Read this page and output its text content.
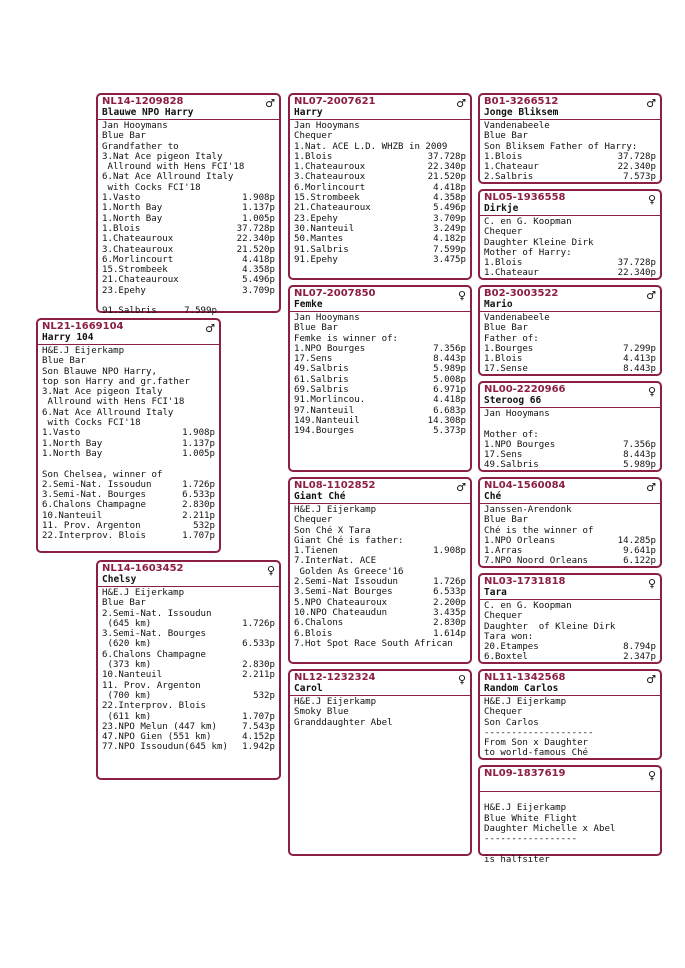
NL14-1209828
Blauwe NPO Harry
♂
Jan Hooymans
Blue Bar
Grandfather to
3.Nat Ace pigeon Italy
Allround with Hens FCI'18
6.Nat Ace Allround Italy
with Cocks FCI'18
1.Vasto	1.908p
1.North Bay	1.137p
1.North Bay	1.005p
1.Blois	37.728p
1.Chateauroux	22.340p
3.Chateauroux	21.520p
6.Morlincourt	4.418p
15.Strombeek	4.358p
21.Chateauroux	5.496p
23.Epehy	3.709p
91.Salbris     7.599p
NL21-1669104
Harry 104
♂
H&E.J Eijerkamp
Blue Bar
Son Blauwe NPO Harry,
top son Harry and gr.father
3.Nat Ace pigeon Italy
Allround with Hens FCI'18
6.Nat Ace Allround Italy
with Cocks FCI'18
1.Vasto	1.908p
1.North Bay	1.137p
1.North Bay	1.005p
Son Chelsea, winner of
2.Semi-Nat. Issoudun	1.726p
3.Semi-Nat. Bourges	6.533p
6.Chalons Champagne	2.830p
10.Nanteuil	2.211p
11. Prov. Argenton	532p
22.Interprov. Blois	1.707p
NL14-1603452
Chelsy
♀
H&E.J Eijerkamp
Blue Bar
2.Semi-Nat. Issoudun
(645 km)	1.726p
3.Semi-Nat. Bourges
(620 km)	6.533p
6.Chalons Champagne
(373 km)	2.830p
10.Nanteuil	2.211p
11. Prov. Argenton
(700 km)	532p
22.Interprov. Blois
(611 km)	1.707p
23.NPO Melun (447 km)	7.543p
47.NPO Gien (551 km)	4.152p
77.NPO Issoudun(645 km) 1.942p
NL07-2007621
Harry
♂
Jan Hooymans
Chequer
1.Nat. ACE L.D. WHZB in 2009
1.Blois	37.728p
1.Chateauroux	22.340p
3.Chateauroux	21.520p
6.Morlincourt	4.418p
15.Strombeek	4.358p
21.Chateauroux	5.496p
23.Epehy	3.709p
30.Nanteuil	3.249p
50.Mantes	4.182p
91.Salbris	7.599p
91.Epehy	3.475p
NL07-2007850
Femke
♀
Jan Hooymans
Blue Bar
Femke is winner of:
1.NPO Bourges	7.356p
17.Sens	8.443p
49.Salbris	5.989p
61.Salbris	5.008p
69.Salbris	6.971p
91.Morlincou.	4.418p
97.Nanteuil	6.683p
149.Nanteuil	14.308p
194.Bourges	5.373p
NL08-1102852
Giant Ché
♂
H&E.J Eijerkamp
Chequer
Son Ché X Tara
Giant Ché is father:
1.Tienen	1.908p
7.InterNat. ACE
Golden As Greece'16
2.Semi-Nat Issoudun	1.726p
3.Semi-Nat Bourges	6.533p
5.NPO Chateauroux	2.200p
10.NPO Chateaudun	3.435p
6.Chalons	2.830p
6.Blois	1.614p
7.Hot Spot Race South African
NL12-1232324
Carol
♀
H&E.J Eijerkamp
Smoky Blue
Granddaughter Abel
B01-3266512
Jonge Bliksem
♂
Vandenabeele
Blue Bar
Son Bliksem Father of Harry:
1.Blois	37.728p
1.Chateaur	22.340p
2.Salbris	7.573p
NL05-1936558
Dirkje
♀
C. en G. Koopman
Chequer
Daughter Kleine Dirk
Mother of Harry:
1.Blois	37.728p
1.Chateaur	22.340p
B02-3003522
Mario
♂
Vandenabeele
Blue Bar
Father of:
1.Bourges	7.299p
1.Blois	4.413p
17.Sense	8.443p
NL00-2220966
Steroog 66
♀
Jan Hooymans
Mother of:
1.NPO Bourges	7.356p
17.Sens	8.443p
49.Salbris	5.989p
NL04-1560084
Ché
♂
Janssen-Arendonk
Blue Bar
Ché is the winner of
1.NPO Orleans	14.285p
1.Arras	9.641p
7.NPO Noord Orleans	6.122p
NL03-1731818
Tara
♀
C. en G. Koopman
Chequer
Daughter  of Kleine Dirk
Tara won:
20.Etampes	8.794p
6.Boxtel	2.347p
NL11-1342568
Random Carlos
♂
H&E.J Eijerkamp
Chequer
Son Carlos
--------------------
From Son x Daughter
to world-famous Ché
NL09-1837619	♀
H&E.J Eijerkamp
Blue White Flight
Daughter Michelle x Abel
-----------------
is halfsiter
